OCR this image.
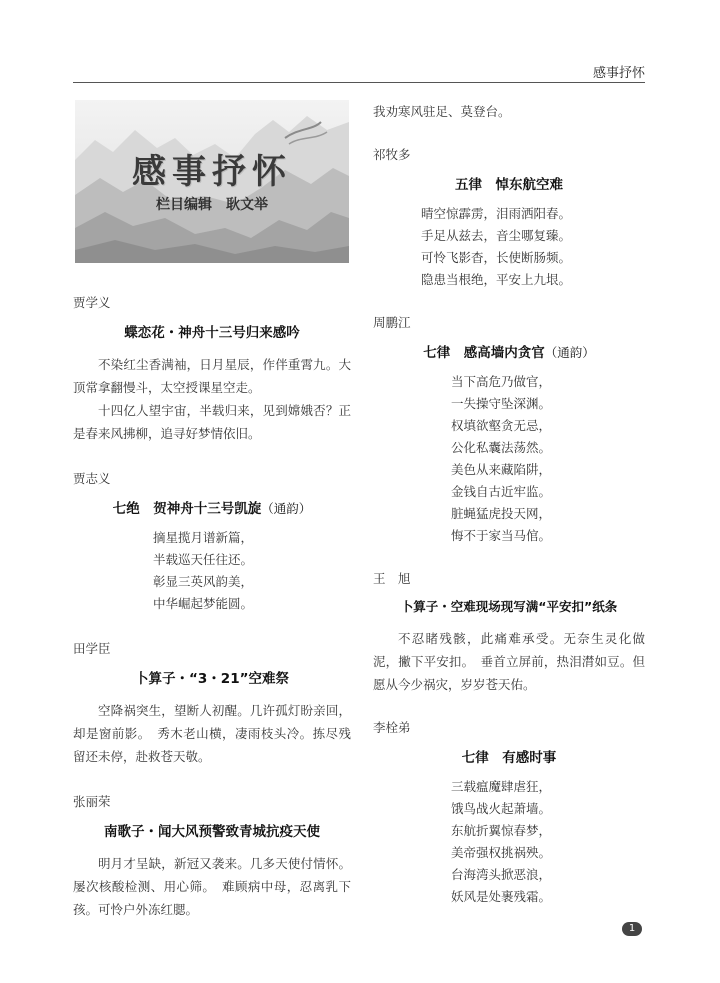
感事抒怀
感事抒怀
栏目编辑　耿文举

贾学义

蝶恋花・神舟十三号归来感吟

不染红尘香满袖，日月星辰，作伴重霄九。大顶常拿翻慢斗，太空授课星空走。

十四亿人望宇宙，半载归来，见到嫦娥否？正是春来风拂柳，追寻好梦情依旧。

贾志义

七绝　贺神舟十三号凯旋（通韵）

摘星揽月谱新篇，
半载巡天任往还。
彰显三英风韵美，
中华崛起梦能圆。

田学臣

卜算子・“3・21”空难祭

空降祸突生，望断人初醒。几许孤灯盼亲回，却是窗前影。　秀木老山横，凄雨枝头冷。拣尽残留还未停，赴救苍天敬。

张丽荣

南歌子・闻大风预警致青城抗疫天使

明月才呈缺，新冠又袭来。几多天使付情怀。屡次核酸检测、用心筛。　难顾病中母，忍离乳下孩。可怜户外冻红腮。

我劝寒风驻足、莫登台。

祁牧多

五律　悼东航空难

晴空惊霹雳，泪雨洒阳春。
手足从兹去，音尘哪复臻。
可怜飞影杳，长使断肠频。
隐患当根绝，平安上九垠。

周鹏江

七律　感高墙内贪官（通韵）

当下高危乃做官，
一失操守坠深渊。
权填欲壑贪无忌，
公化私囊法荡然。
美色从来藏陷阱，
金钱自古近牢监。
脏蝇猛虎投天网，
悔不于家当马倌。

王　旭

卜算子・空难现场现写满“平安扣”纸条

不忍睹残骸，此痛难承受。无奈生灵化做泥，撇下平安扣。　垂首立屏前，热泪潸如豆。但愿从今少祸灾，岁岁苍天佑。

李栓弟

七律　有感时事

三载瘟魔肆虐狂，
饿鸟战火起萧墙。
东航折翼惊春梦，
美帝强权挑祸殃。
台海湾头掀恶浪，
妖风是处裹残霜。
1
